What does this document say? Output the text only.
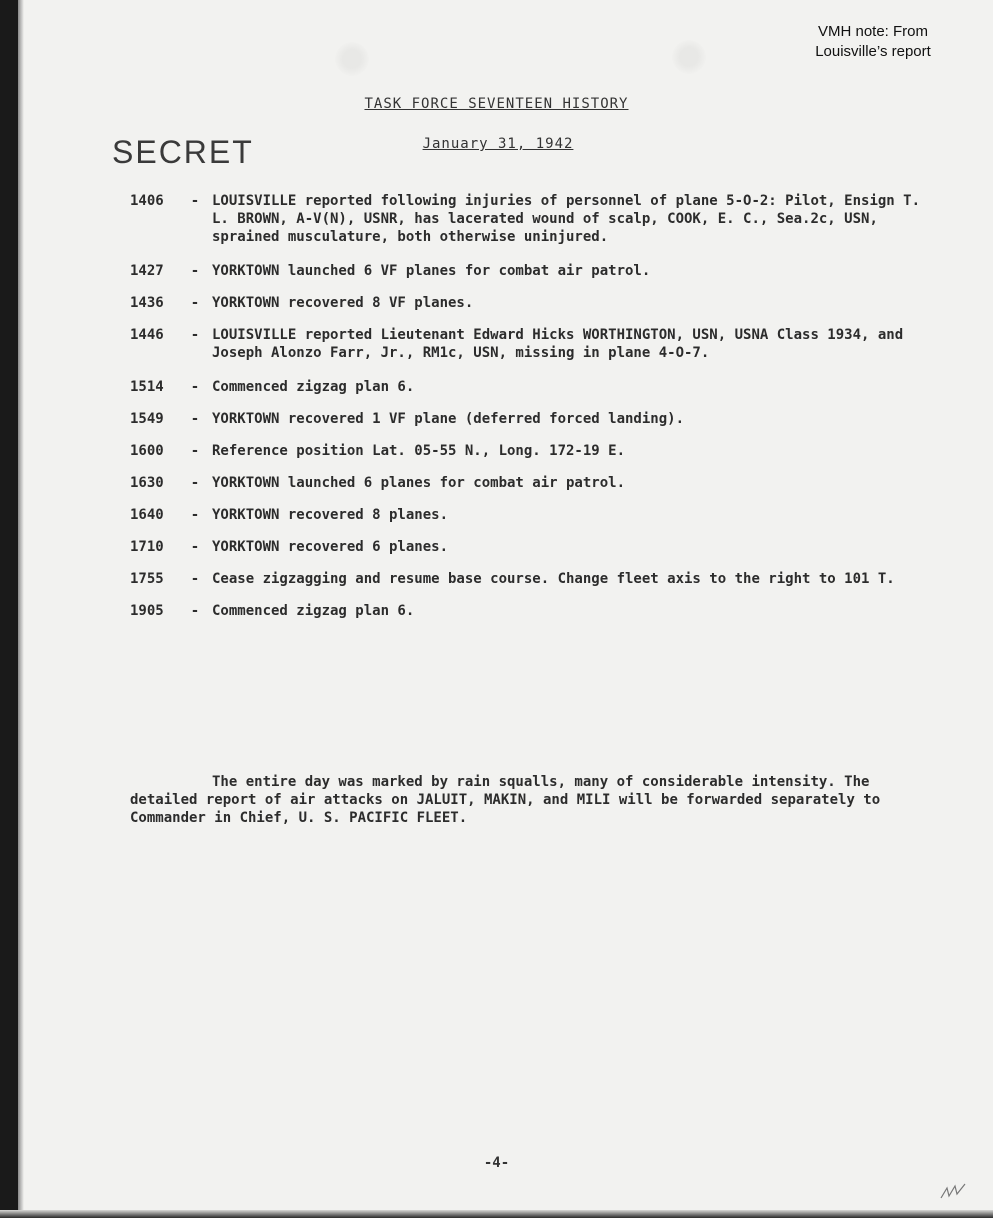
VMH note: From
Louisville’s report
TASK FORCE SEVENTEEN HISTORY
January 31, 1942
SECRET
1406	- LOUISVILLE reported following injuries of personnel of plane 5-O-2: Pilot, Ensign T. L. BROWN, A-V(N), USNR, has lacerated wound of scalp, COOK, E. C., Sea.2c, USN, sprained musculature, both otherwise uninjured.
1427	- YORKTOWN launched 6 VF planes for combat air patrol.
1436	- YORKTOWN recovered 8 VF planes.
1446	- LOUISVILLE reported Lieutenant Edward Hicks WORTHINGTON, USN, USNA Class 1934, and Joseph Alonzo Farr, Jr., RM1c, USN, missing in plane 4-O-7.
1514	- Commenced zigzag plan 6.
1549	- YORKTOWN recovered 1 VF plane (deferred forced landing).
1600	- Reference position Lat. 05-55 N., Long. 172-19 E.
1630	- YORKTOWN launched 6 planes for combat air patrol.
1640	- YORKTOWN recovered 8 planes.
1710	- YORKTOWN recovered 6 planes.
1755	- Cease zigzagging and resume base course. Change fleet axis to the right to 101 T.
1905	- Commenced zigzag plan 6.
The entire day was marked by rain squalls, many of considerable intensity. The detailed report of air attacks on JALUIT, MAKIN, and MILI will be forwarded separately to Commander in Chief, U. S. PACIFIC FLEET.
-4-
